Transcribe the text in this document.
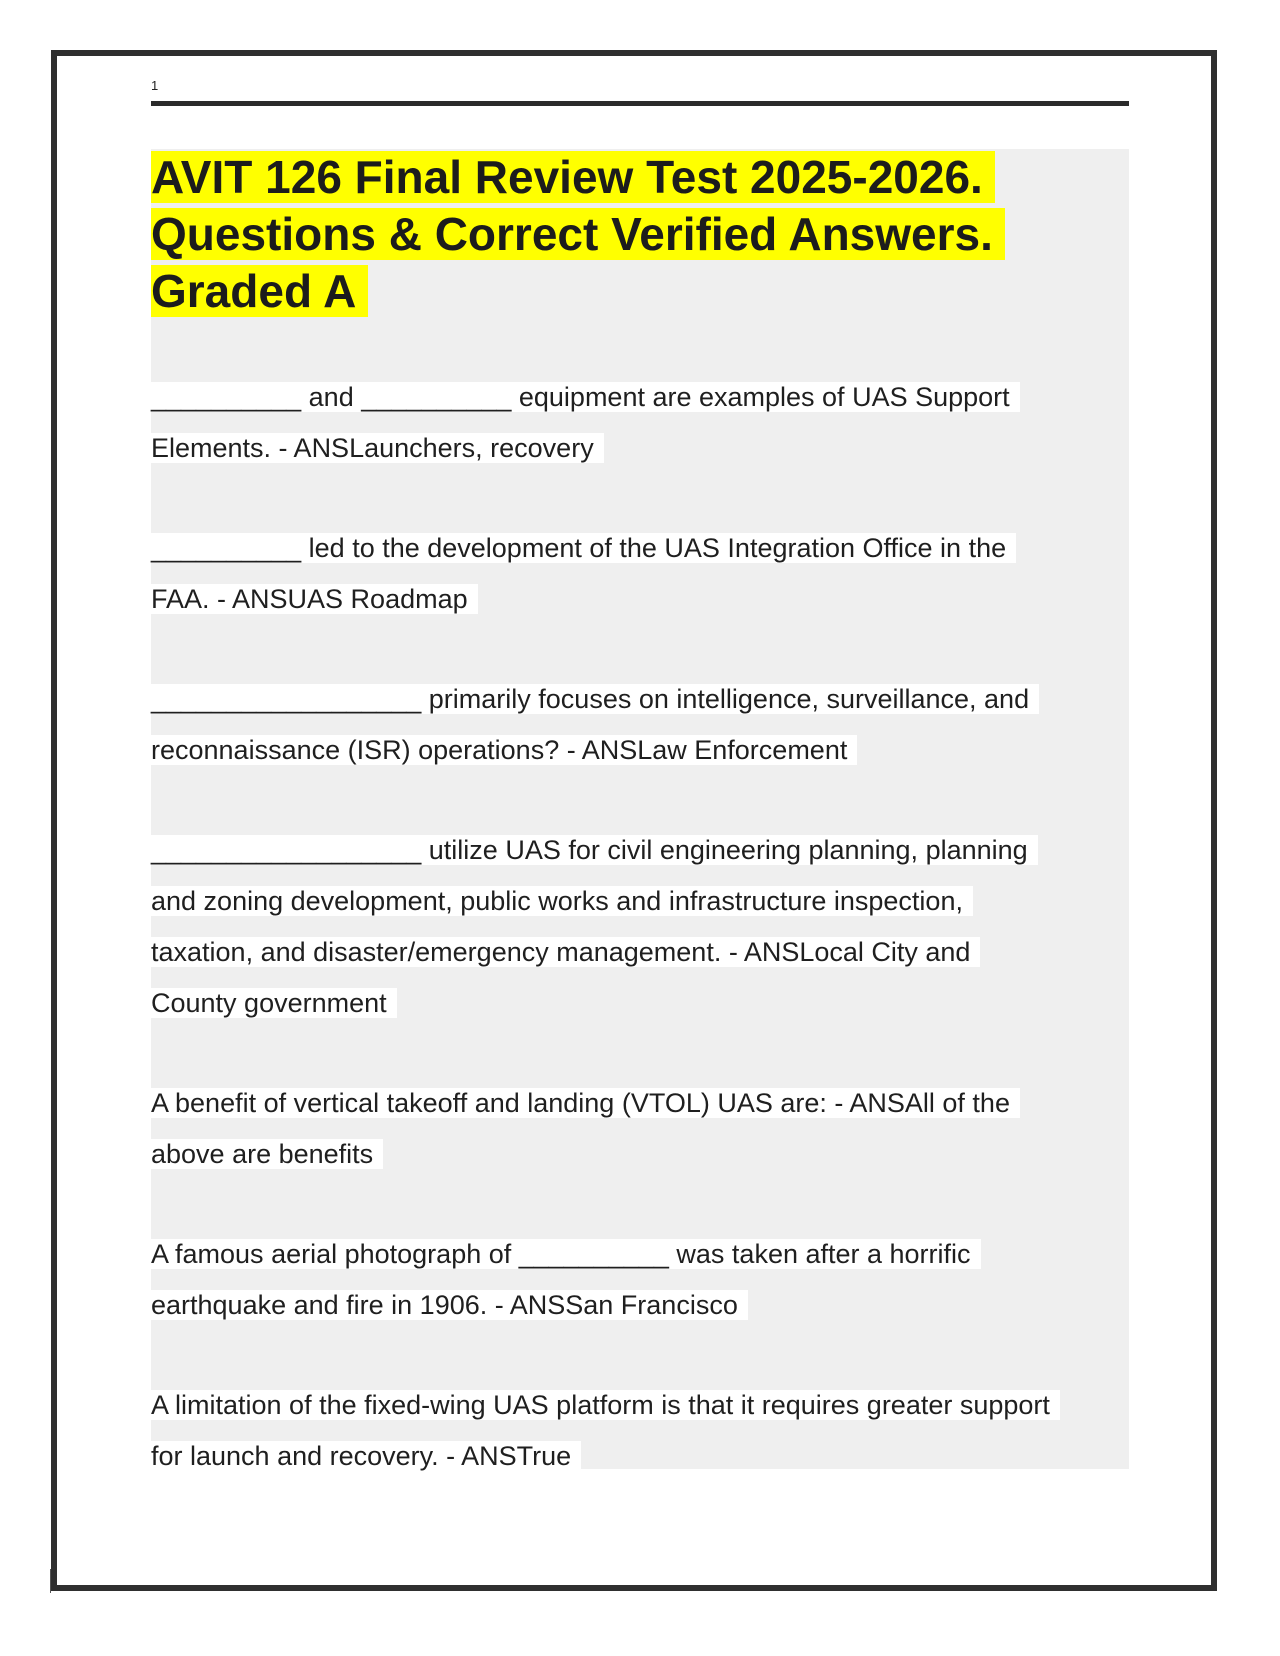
1
AVIT 126 Final Review Test 2025-2026.
Questions & Correct Verified Answers.
Graded A

__________ and __________ equipment are examples of UAS Support
Elements. - ANSLaunchers, recovery

__________ led to the development of the UAS Integration Office in the
FAA. - ANSUAS Roadmap

__________________ primarily focuses on intelligence, surveillance, and
reconnaissance (ISR) operations? - ANSLaw Enforcement

__________________ utilize UAS for civil engineering planning, planning
and zoning development, public works and infrastructure inspection,
taxation, and disaster/emergency management. - ANSLocal City and
County government

A benefit of vertical takeoff and landing (VTOL) UAS are: - ANSAll of the
above are benefits

A famous aerial photograph of __________ was taken after a horrific
earthquake and fire in 1906. - ANSSan Francisco

A limitation of the fixed-wing UAS platform is that it requires greater support
for launch and recovery. - ANSTrue
